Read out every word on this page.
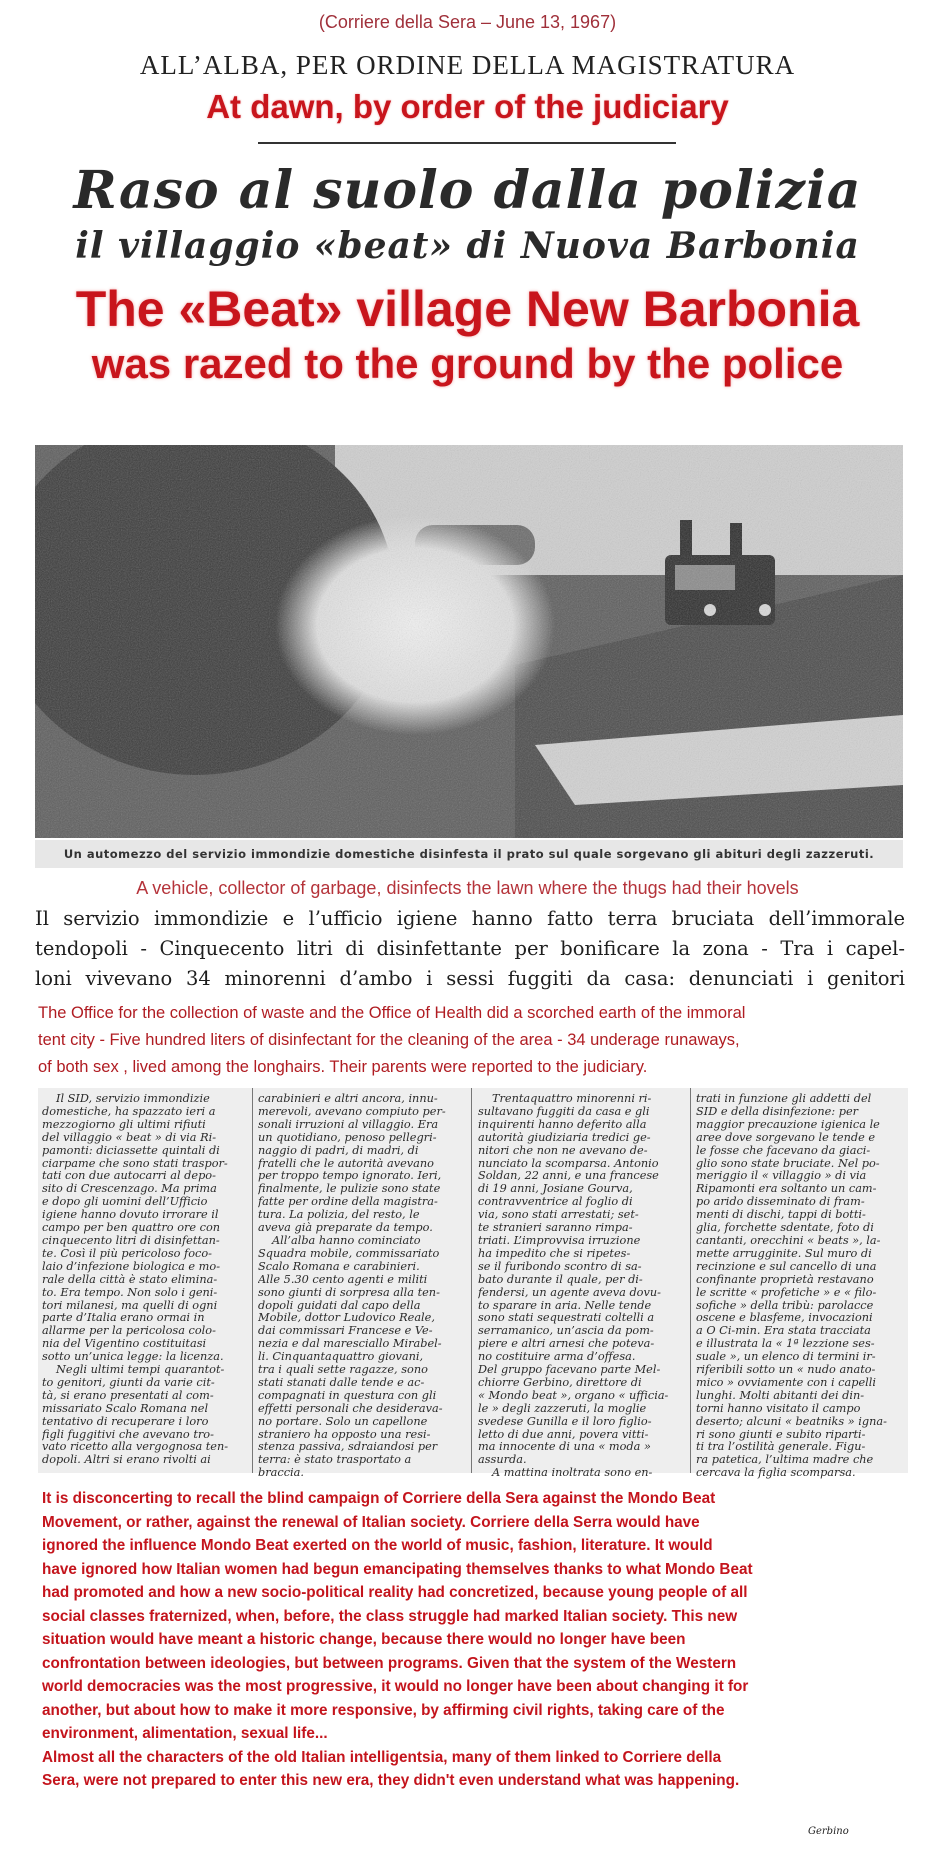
(Corriere della Sera – June 13, 1967)
ALL’ALBA, PER ORDINE DELLA MAGISTRATURA
At dawn, by order of the judiciary
Raso al suolo dalla polizia
il villaggio «beat» di Nuova Barbonia
The «Beat» village New Barbonia
was razed to the ground by the police
Un automezzo del servizio immondizie domestiche disinfesta il prato sul quale sorgevano gli abituri degli zazzeruti.
A vehicle, collector of garbage, disinfects the lawn where the thugs had their hovels
Il servizio immondizie e l’ufficio igiene hanno fatto terra bruciata dell’immorale
tendopoli - Cinquecento litri di disinfettante per bonificare la zona - Tra i capel-
loni vivevano 34 minorenni d’ambo i sessi fuggiti da casa: denunciati i genitori
The Office for the collection of waste and the Office of Health did a scorched earth of the immoral
tent city - Five hundred liters of disinfectant for the cleaning of the area - 34 underage runaways,
of both sex , lived among the longhairs. Their parents were reported to the judiciary.
Il SID, servizio immondizie
domestiche, ha spazzato ieri a
mezzogiorno gli ultimi rifiuti
del villaggio « beat » di via Ri-
pamonti: diciassette quintali di
ciarpame che sono stati traspor-
tati con due autocarri al depo-
sito di Crescenzago. Ma prima
e dopo gli uomini dell’Ufficio
igiene hanno dovuto irrorare il
campo per ben quattro ore con
cinquecento litri di disinfettan-
te. Così il più pericoloso foco-
laio d’infezione biologica e mo-
rale della città è stato elimina-
to. Era tempo. Non solo i geni-
tori milanesi, ma quelli di ogni
parte d’Italia erano ormai in
allarme per la pericolosa colo-
nia del Vigentino costituitasi
sotto un’unica legge: la licenza.
Negli ultimi tempi quarantot-
to genitori, giunti da varie cit-
tà, si erano presentati al com-
missariato Scalo Romana nel
tentativo di recuperare i loro
figli fuggitivi che avevano tro-
vato ricetto alla vergognosa ten-
dopoli. Altri si erano rivolti ai
carabinieri e altri ancora, innu-
merevoli, avevano compiuto per-
sonali irruzioni al villaggio. Era
un quotidiano, penoso pellegri-
naggio di padri, di madri, di
fratelli che le autorità avevano
per troppo tempo ignorato. Ieri,
finalmente, le pulizie sono state
fatte per ordine della magistra-
tura. La polizia, del resto, le
aveva già preparate da tempo.
All’alba hanno cominciato
Squadra mobile, commissariato
Scalo Romana e carabinieri.
Alle 5.30 cento agenti e militi
sono giunti di sorpresa alla ten-
dopoli guidati dal capo della
Mobile, dottor Ludovico Reale,
dai commissari Francese e Ve-
nezia e dal maresciallo Mirabel-
li. Cinquantaquattro giovani,
tra i quali sette ragazze, sono
stati stanati dalle tende e ac-
compagnati in questura con gli
effetti personali che desiderava-
no portare. Solo un capellone
straniero ha opposto una resi-
stenza passiva, sdraiandosi per
terra: è stato trasportato a
braccia.
Trentaquattro minorenni ri-
sultavano fuggiti da casa e gli
inquirenti hanno deferito alla
autorità giudiziaria tredici ge-
nitori che non ne avevano de-
nunciato la scomparsa. Antonio
Soldan, 22 anni, e una francese
di 19 anni, Josiane Gourva,
contravventrice al foglio di
via, sono stati arrestati; set-
te stranieri saranno rimpa-
triati. L’improvvisa irruzione
ha impedito che si ripetes-
se il furibondo scontro di sa-
bato durante il quale, per di-
fendersi, un agente aveva dovu-
to sparare in aria. Nelle tende
sono stati sequestrati coltelli a
serramanico, un’ascia da pom-
piere e altri arnesi che poteva-
no costituire arma d’offesa.
Del gruppo facevano parte Mel-
chiorre Gerbino, direttore di
« Mondo beat », organo « ufficia-
le » degli zazzeruti, la moglie
svedese Gunilla e il loro figlio-
letto di due anni, povera vitti-
ma innocente di una « moda »
assurda.
A mattina inoltrata sono en-
trati in funzione gli addetti del
SID e della disinfezione: per
maggior precauzione igienica le
aree dove sorgevano le tende e
le fosse che facevano da giaci-
glio sono state bruciate. Nel po-
meriggio il « villaggio » di via
Ripamonti era soltanto un cam-
po arido disseminato di fram-
menti di dischi, tappi di botti-
glia, forchette sdentate, foto di
cantanti, orecchini « beats », la-
mette arrugginite. Sul muro di
recinzione e sul cancello di una
confinante proprietà restavano
le scritte « profetiche » e « filo-
sofiche » della tribù: parolacce
oscene e blasfeme, invocazioni
a O Ci-min. Era stata tracciata
e illustrata la « 1ª lezzione ses-
suale », un elenco di termini ir-
riferibili sotto un « nudo anato-
mico » ovviamente con i capelli
lunghi. Molti abitanti dei din-
torni hanno visitato il campo
deserto; alcuni « beatniks » igna-
ri sono giunti e subito riparti-
ti tra l’ostilità generale. Figu-
ra patetica, l’ultima madre che
cercava la figlia scomparsa.
It is disconcerting to recall the blind campaign of Corriere della Sera against the Mondo Beat
Movement, or rather, against the renewal of Italian society. Corriere della Serra would have
ignored the influence Mondo Beat exerted on the world of music, fashion, literature. It would
have ignored how Italian women had begun emancipating themselves thanks to what Mondo Beat
had promoted and how a new socio-political reality had concretized, because young people of all
social classes fraternized, when, before, the class struggle had marked Italian society. This new
situation would have meant a historic change, because there would no longer have been
confrontation between ideologies, but between programs. Given that the system of the Western
world democracies was the most progressive, it would no longer have been about changing it for
another, but about how to make it more responsive, by affirming civil rights, taking care of the
environment, alimentation, sexual life...
Almost all the characters of the old Italian intelligentsia, many of them linked to Corriere della
Sera, were not prepared to enter this new era, they didn't even understand what was happening.
Gerbino
